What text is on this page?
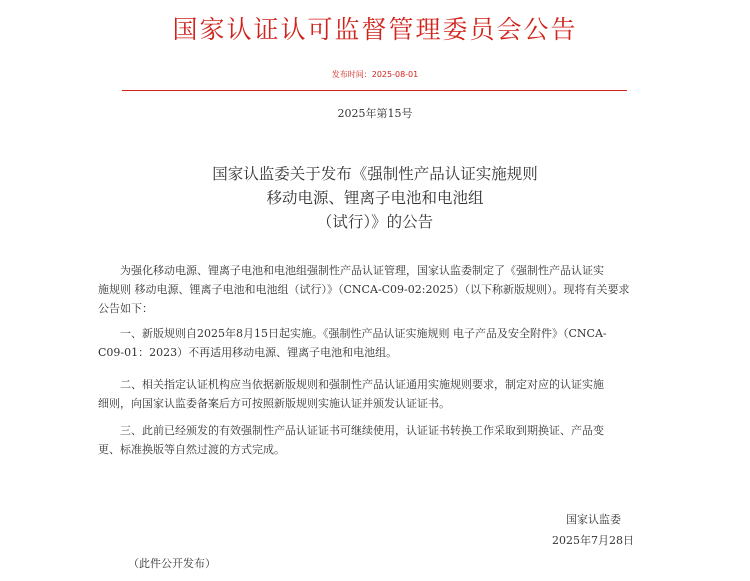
国家认证认可监督管理委员会公告
发布时间：2025-08-01
2025年第15号
国家认监委关于发布《强制性产品认证实施规则
移动电源、锂离子电池和电池组
（试行）》的公告
为强化移动电源、锂离子电池和电池组强制性产品认证管理，国家认监委制定了《强制性产品认证实
施规则 移动电源、锂离子电池和电池组（试行）》（CNCA-C09-02:2025）（以下称新版规则）。现将有关要求
公告如下：
一、新版规则自2025年8月15日起实施。《强制性产品认证实施规则 电子产品及安全附件》（CNCA-
C09-01：2023）不再适用移动电源、锂离子电池和电池组。
二、相关指定认证机构应当依据新版规则和强制性产品认证通用实施规则要求，制定对应的认证实施
细则，向国家认监委备案后方可按照新版规则实施认证并颁发认证证书。
三、此前已经颁发的有效强制性产品认证证书可继续使用，认证证书转换工作采取到期换证、产品变
更、标准换版等自然过渡的方式完成。
国家认监委
2025年7月28日
（此件公开发布）
